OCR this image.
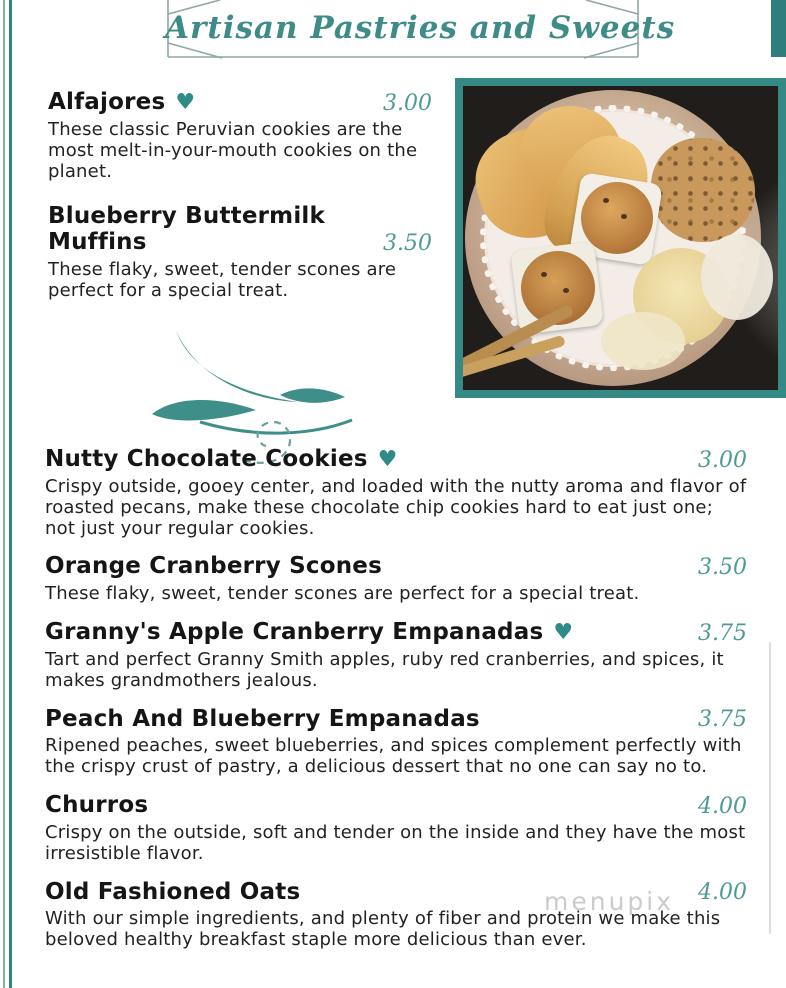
Artisan Pastries and Sweets
Alfajores ♥	3.00
These classic Peruvian cookies are the most melt-in-your-mouth cookies on the planet.
Blueberry Buttermilk Muffins	3.50
These flaky, sweet, tender scones are perfect for a special treat.
Nutty Chocolate Cookies ♥	3.00
Crispy outside, gooey center, and loaded with the nutty aroma and flavor of roasted pecans, make these chocolate chip cookies hard to eat just one; not just your regular cookies.
Orange Cranberry Scones	3.50
These flaky, sweet, tender scones are perfect for a special treat.
Granny's Apple Cranberry Empanadas ♥	3.75
Tart and perfect Granny Smith apples, ruby red cranberries, and spices, it makes grandmothers jealous.
Peach And Blueberry Empanadas	3.75
Ripened peaches, sweet blueberries, and spices complement perfectly with the crispy crust of pastry, a delicious dessert that no one can say no to.
Churros	4.00
Crispy on the outside, soft and tender on the inside and they have the most irresistible flavor.
Old Fashioned Oats	4.00
With our simple ingredients, and plenty of fiber and protein we make this beloved healthy breakfast staple more delicious than ever.
menupix
